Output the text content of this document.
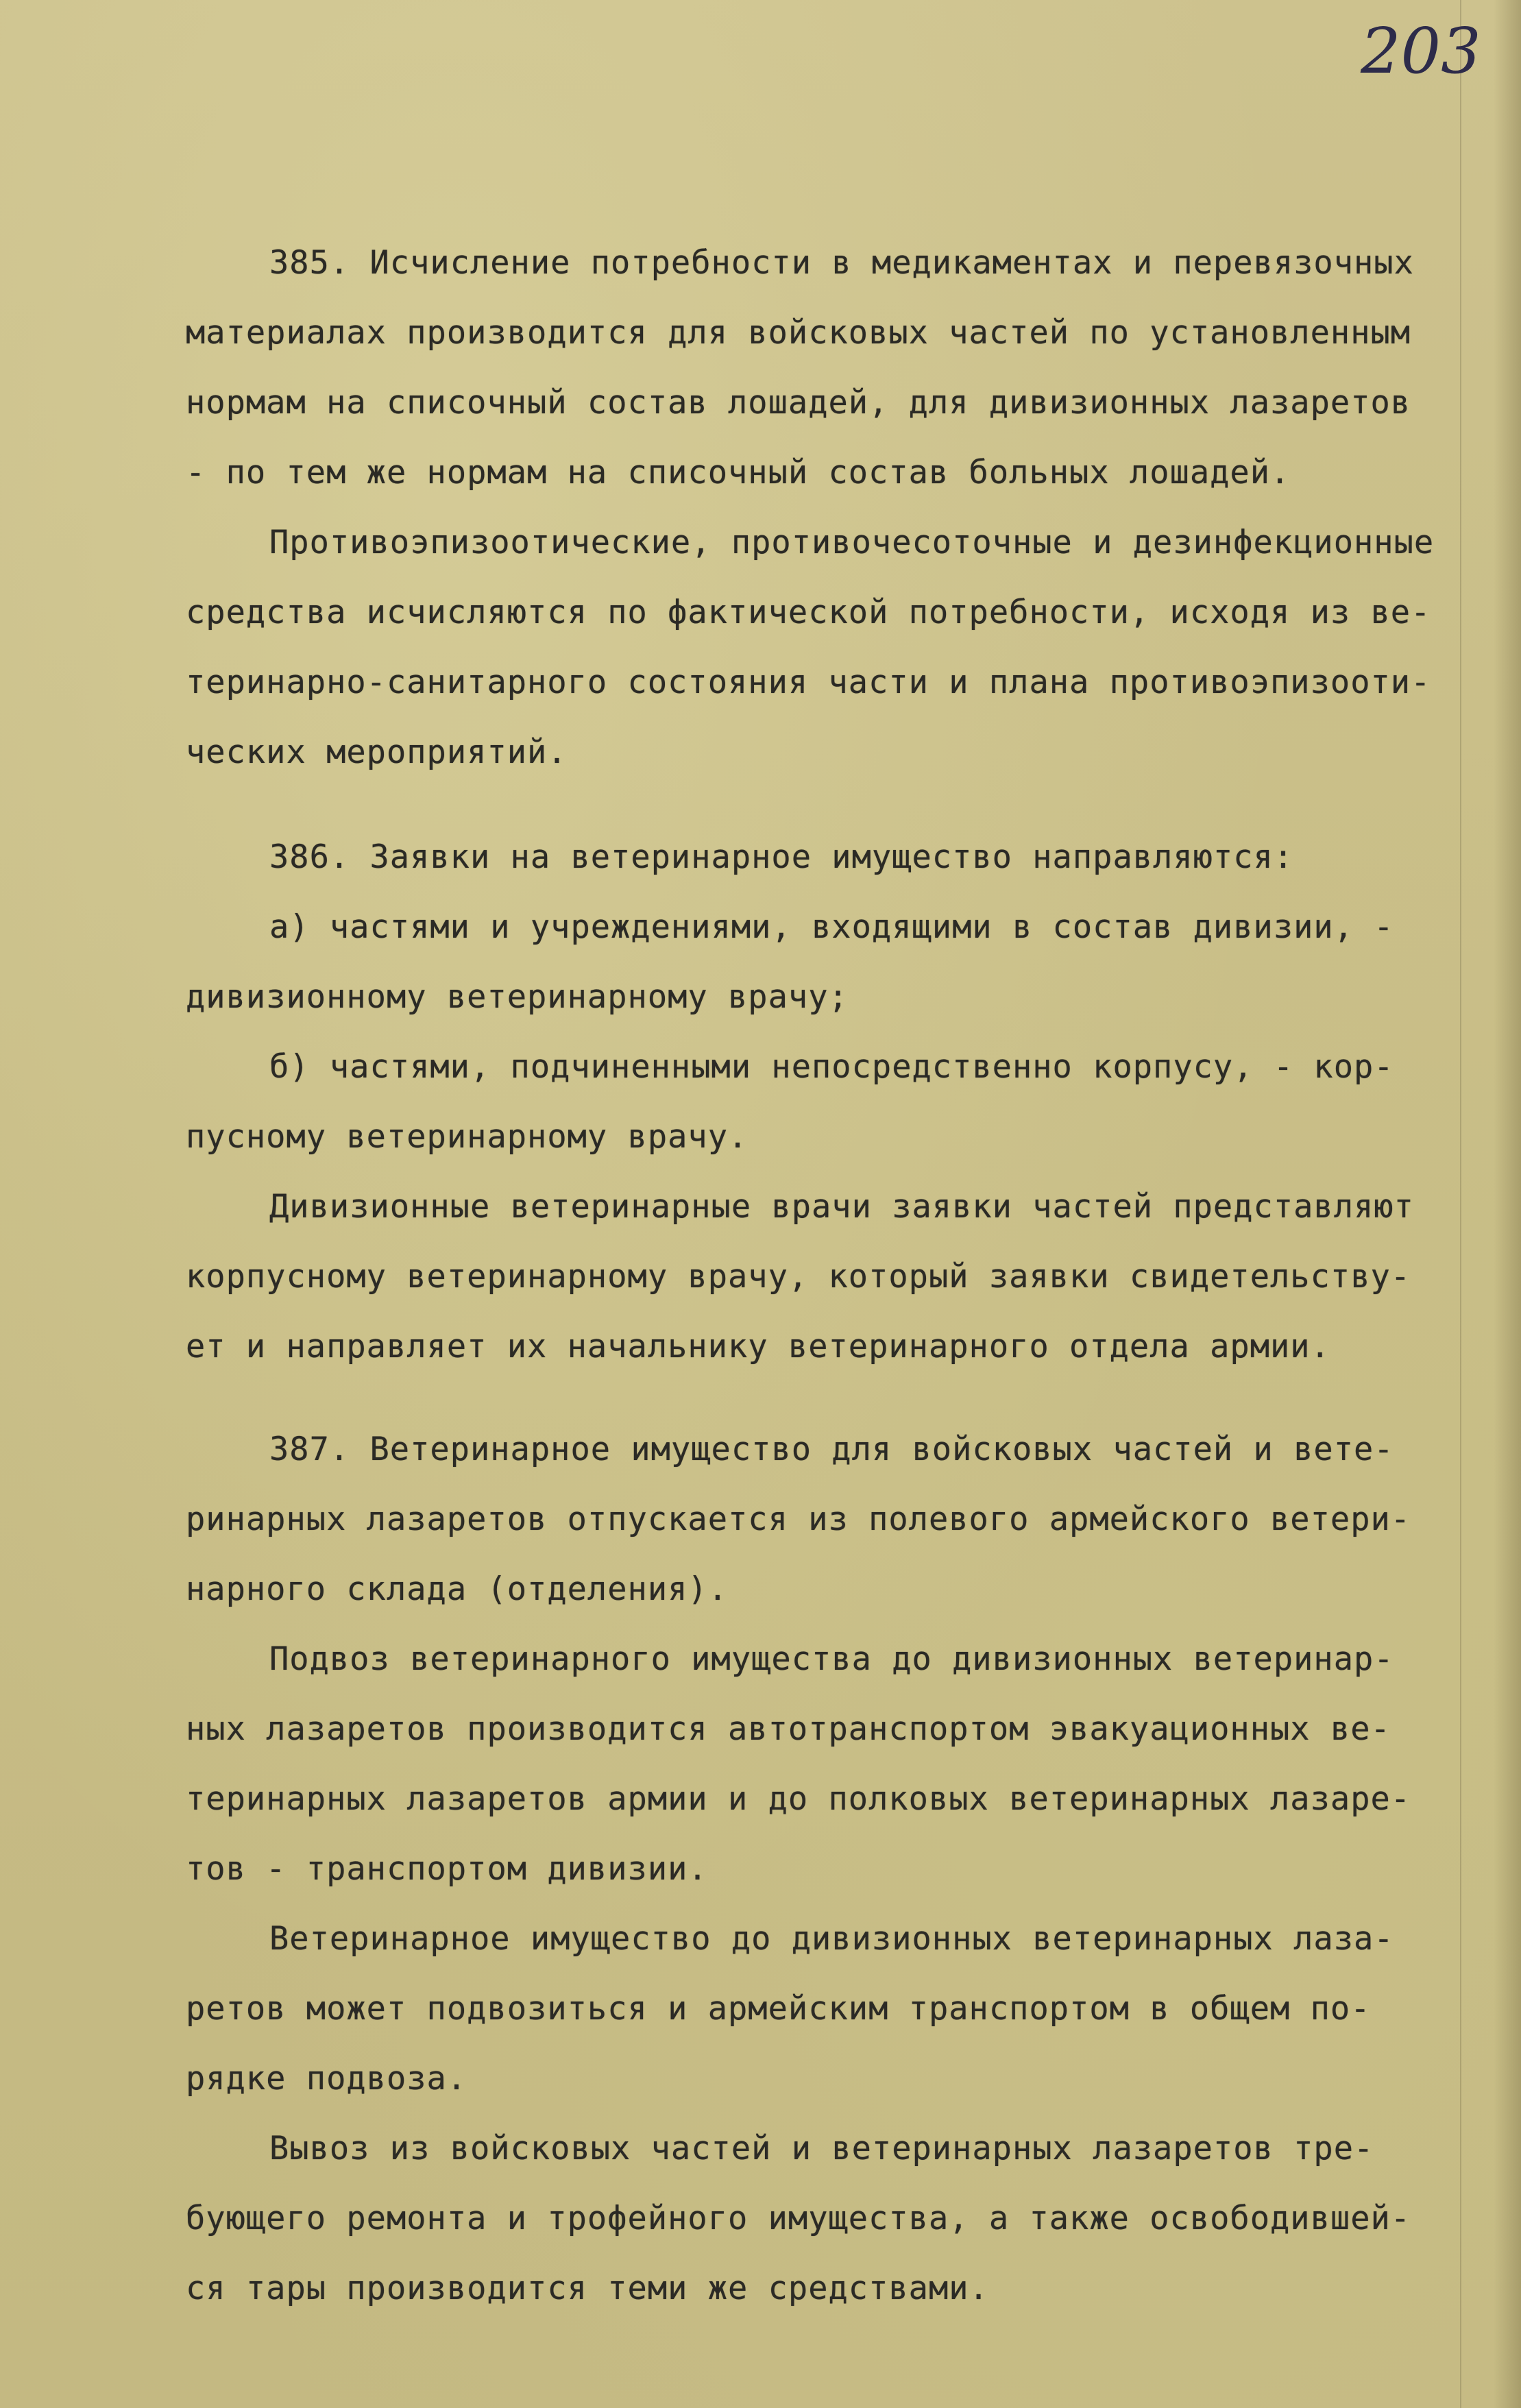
203
385. Исчисление потребности в медикаментах и перевязочных
материалах производится для войсковых частей по установленным
нормам на списочный состав лошадей, для дивизионных лазаретов
- по тем же нормам на списочный состав больных лошадей.
Противоэпизоотические, противочесоточные и дезинфекционные
средства исчисляются по фактической потребности, исходя из ве-
теринарно-санитарного состояния части и плана противоэпизооти-
ческих мероприятий.
386. Заявки на ветеринарное имущество направляются:
а) частями и учреждениями, входящими в состав дивизии, -
дивизионному ветеринарному врачу;
б) частями, подчиненными непосредственно корпусу, - кор-
пусному ветеринарному врачу.
Дивизионные ветеринарные врачи заявки частей представляют
корпусному ветеринарному врачу, который заявки свидетельству-
ет и направляет их начальнику ветеринарного отдела армии.
387. Ветеринарное имущество для войсковых частей и вете-
ринарных лазаретов отпускается из полевого армейского ветери-
нарного склада (отделения).
Подвоз ветеринарного имущества до дивизионных ветеринар-
ных лазаретов производится автотранспортом эвакуационных ве-
теринарных лазаретов армии и до полковых ветеринарных лазаре-
тов - транспортом дивизии.
Ветеринарное имущество до дивизионных ветеринарных лаза-
ретов может подвозиться и армейским транспортом в общем по-
рядке подвоза.
Вывоз из войсковых частей и ветеринарных лазаретов тре-
бующего ремонта и трофейного имущества, а также освободившей-
ся тары производится теми же средствами.
